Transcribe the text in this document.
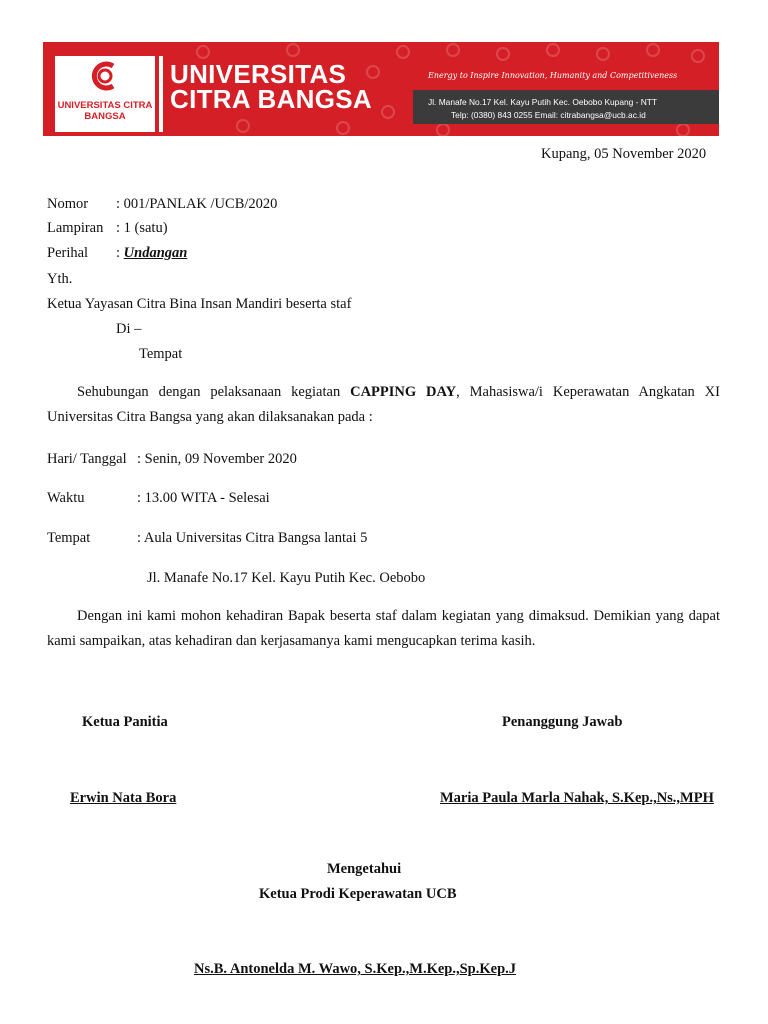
UNIVERSITAS CITRA BANGSA
UNIVERSITAS
CITRA BANGSA
Energy to Inspire Innovation, Humanity and Competitiveness
Jl. Manafe No.17 Kel. Kayu Putih Kec. Oebobo Kupang - NTT
Telp: (0380) 843 0255 Email: citrabangsa@ucb.ac.id
Kupang, 05 November 2020
Nomor : 001/PANLAK /UCB/2020
Lampiran : 1 (satu)
Perihal : Undangan
Yth.
Ketua Yayasan Citra Bina Insan Mandiri beserta staf
Di –
Tempat
Sehubungan dengan pelaksanaan kegiatan CAPPING DAY, Mahasiswa/i Keperawatan Angkatan XI Universitas Citra Bangsa yang akan dilaksanakan pada :
Hari/ Tanggal : Senin, 09 November 2020
Waktu	: 13.00 WITA - Selesai
Tempat	: Aula Universitas Citra Bangsa lantai 5
Jl. Manafe No.17 Kel. Kayu Putih Kec. Oebobo
Dengan ini kami mohon kehadiran Bapak beserta staf dalam kegiatan yang dimaksud. Demikian yang dapat kami sampaikan, atas kehadiran dan kerjasamanya kami mengucapkan terima kasih.
Ketua Panitia	Penanggung Jawab
Erwin Nata Bora	Maria Paula Marla Nahak, S.Kep.,Ns.,MPH
Mengetahui
Ketua Prodi Keperawatan UCB
Ns.B. Antonelda M. Wawo, S.Kep.,M.Kep.,Sp.Kep.J
